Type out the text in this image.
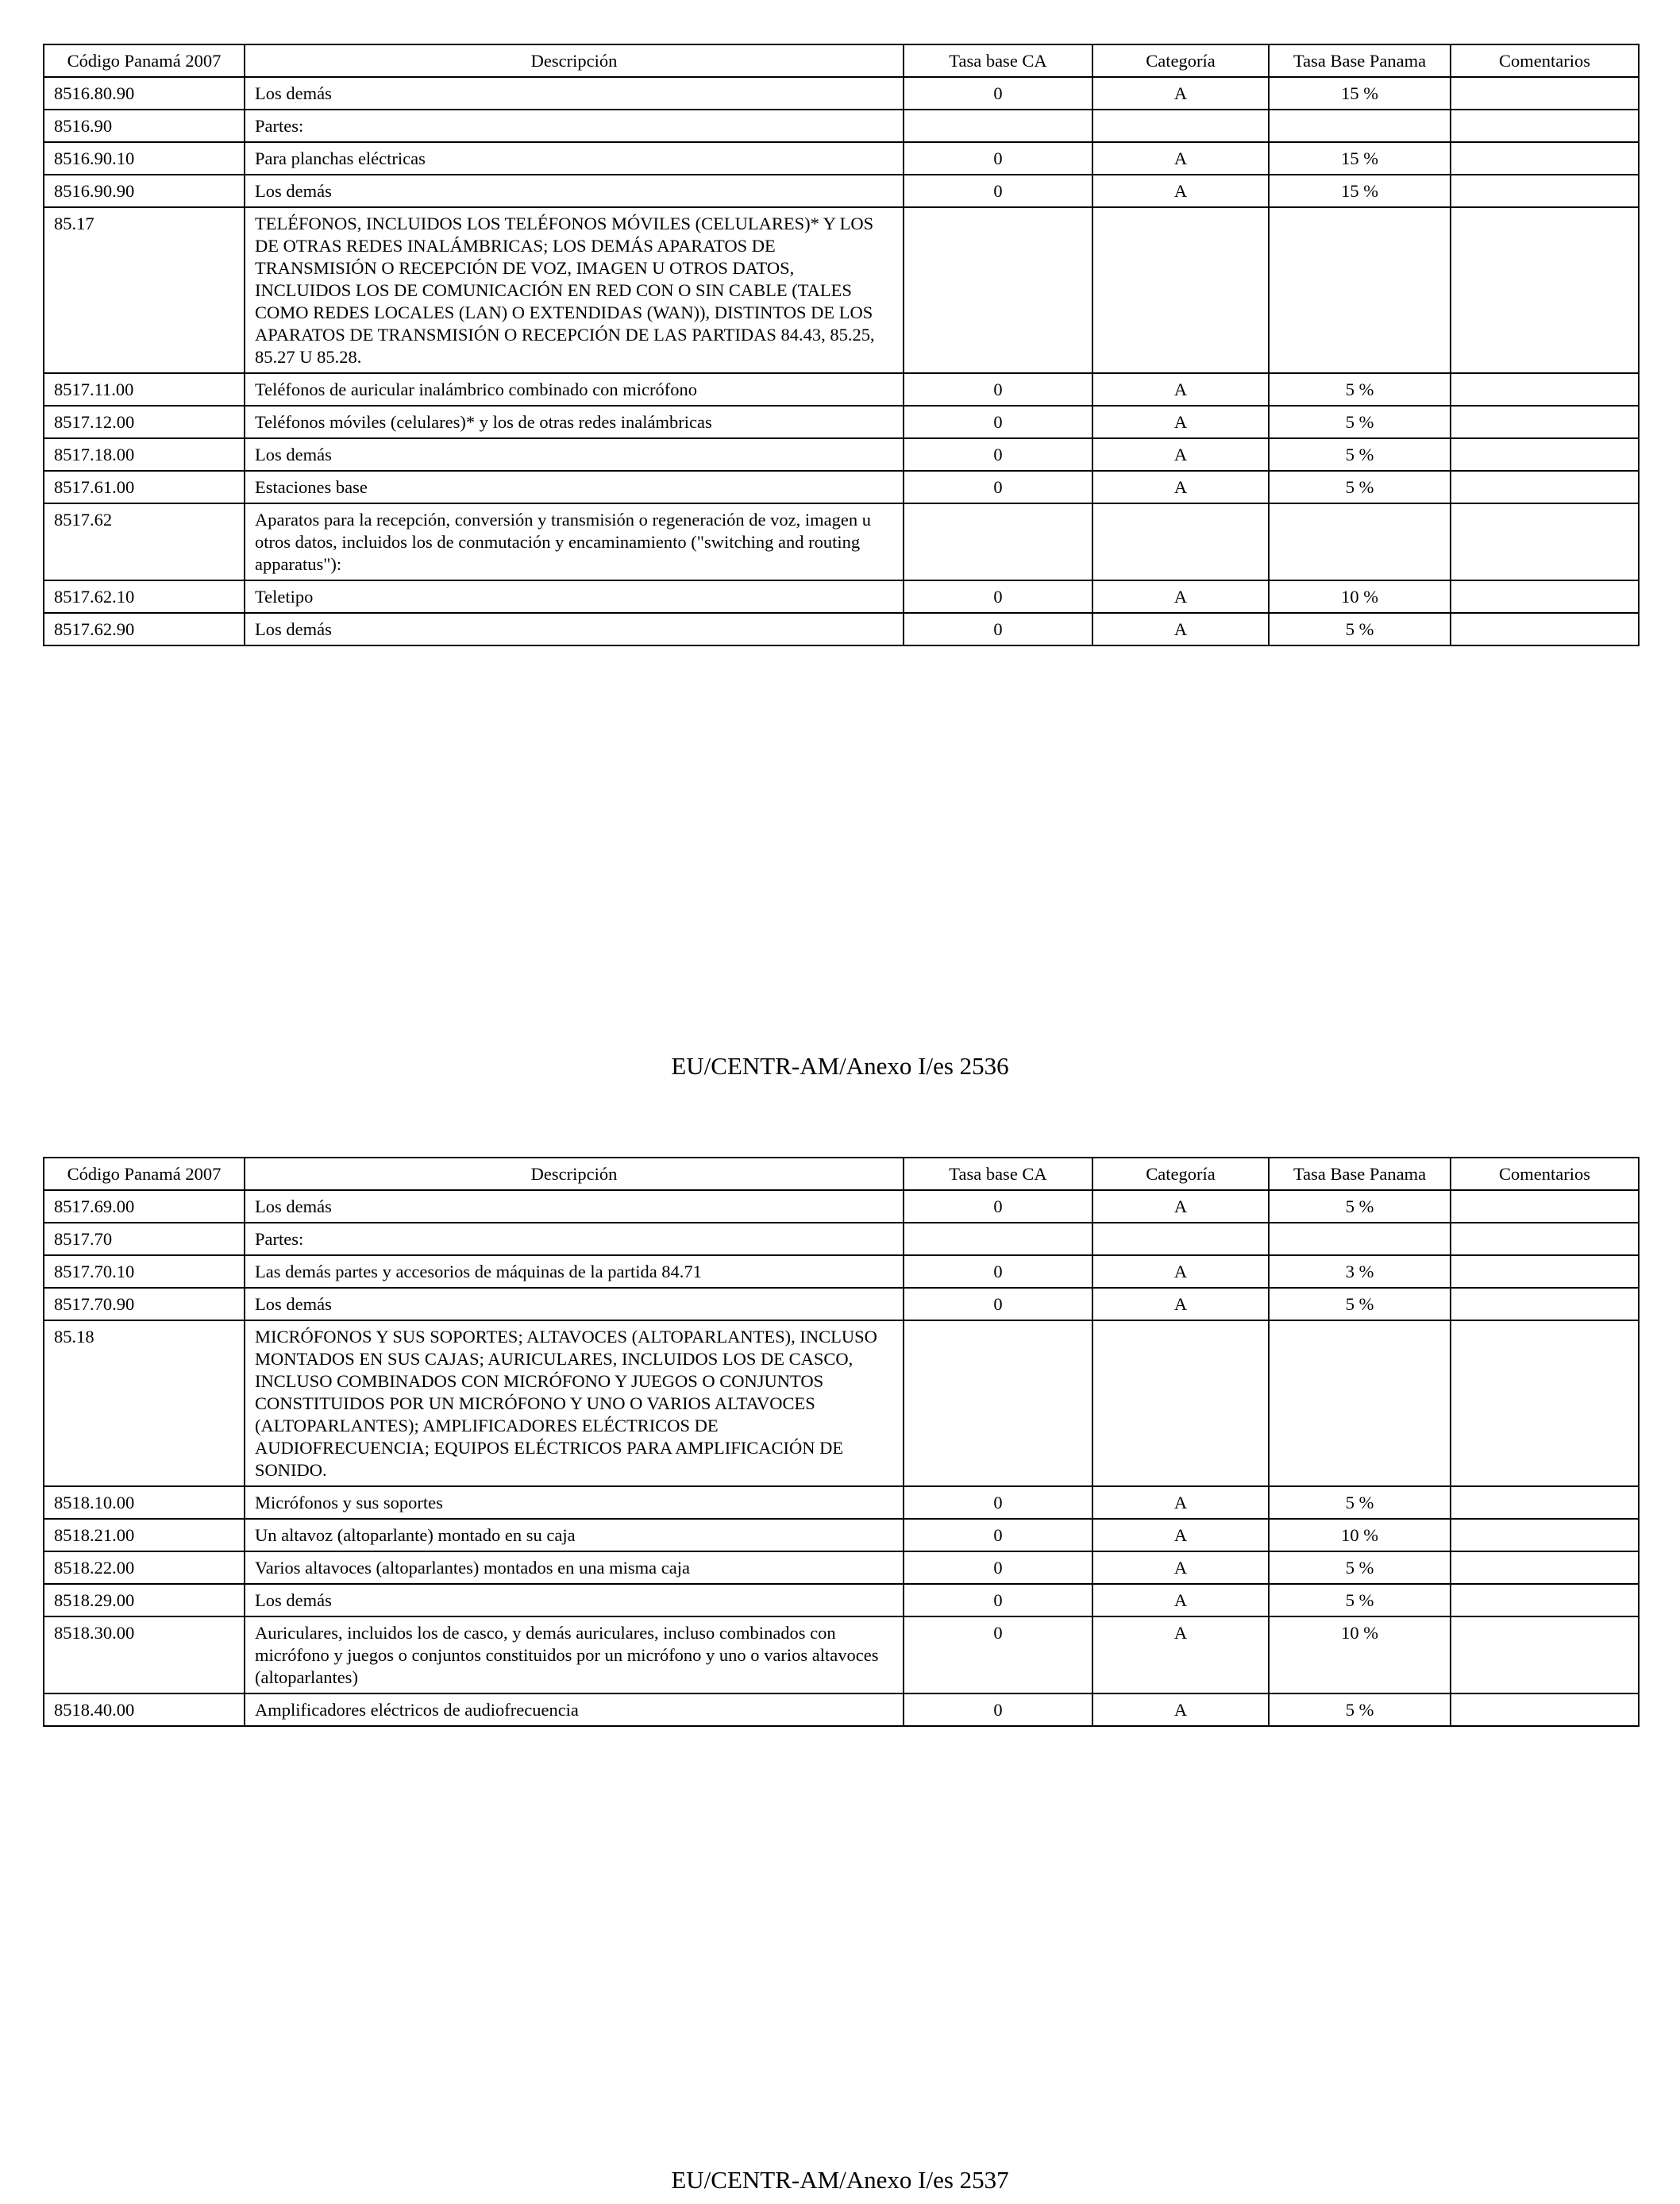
Código Panamá 2007	Descripción	Tasa base CA	Categoría	Tasa Base Panama	Comentarios
8516.80.90	Los demás	0	A	15 %	
8516.90	Partes:				
8516.90.10	Para planchas eléctricas	0	A	15 %	
8516.90.90	Los demás	0	A	15 %	
85.17	TELÉFONOS, INCLUIDOS LOS TELÉFONOS MÓVILES (CELULARES)* Y LOS DE OTRAS REDES INALÁMBRICAS; LOS DEMÁS APARATOS DE TRANSMISIÓN O RECEPCIÓN DE VOZ, IMAGEN U OTROS DATOS, INCLUIDOS LOS DE COMUNICACIÓN EN RED CON O SIN CABLE (TALES COMO REDES LOCALES (LAN) O EXTENDIDAS (WAN)), DISTINTOS DE LOS APARATOS DE TRANSMISIÓN O RECEPCIÓN DE LAS PARTIDAS 84.43, 85.25, 85.27 U 85.28.				
8517.11.00	Teléfonos de auricular inalámbrico combinado con micrófono	0	A	5 %	
8517.12.00	Teléfonos móviles (celulares)* y los de otras redes inalámbricas	0	A	5 %	
8517.18.00	Los demás	0	A	5 %	
8517.61.00	Estaciones base	0	A	5 %	
8517.62	Aparatos para la recepción, conversión y transmisión o regeneración de voz, imagen u otros datos, incluidos los de conmutación y encaminamiento ("switching and routing apparatus"):				
8517.62.10	Teletipo	0	A	10 %	
8517.62.90	Los demás	0	A	5 %	
EU/CENTR-AM/Anexo I/es 2536
Código Panamá 2007	Descripción	Tasa base CA	Categoría	Tasa Base Panama	Comentarios
8517.69.00	Los demás	0	A	5 %	
8517.70	Partes:				
8517.70.10	Las demás partes y accesorios de máquinas de la partida 84.71	0	A	3 %	
8517.70.90	Los demás	0	A	5 %	
85.18	MICRÓFONOS Y SUS SOPORTES; ALTAVOCES (ALTOPARLANTES), INCLUSO MONTADOS EN SUS CAJAS; AURICULARES, INCLUIDOS LOS DE CASCO, INCLUSO COMBINADOS CON MICRÓFONO Y JUEGOS O CONJUNTOS CONSTITUIDOS POR UN MICRÓFONO Y UNO O VARIOS ALTAVOCES (ALTOPARLANTES); AMPLIFICADORES ELÉCTRICOS DE AUDIOFRECUENCIA; EQUIPOS ELÉCTRICOS PARA AMPLIFICACIÓN DE SONIDO.				
8518.10.00	Micrófonos y sus soportes	0	A	5 %	
8518.21.00	Un altavoz (altoparlante) montado en su caja	0	A	10 %	
8518.22.00	Varios altavoces (altoparlantes) montados en una misma caja	0	A	5 %	
8518.29.00	Los demás	0	A	5 %	
8518.30.00	Auriculares, incluidos los de casco, y demás auriculares, incluso combinados con micrófono y juegos o conjuntos constituidos por un micrófono y uno o varios altavoces (altoparlantes)	0	A	10 %	
8518.40.00	Amplificadores eléctricos de audiofrecuencia	0	A	5 %	
EU/CENTR-AM/Anexo I/es 2537
